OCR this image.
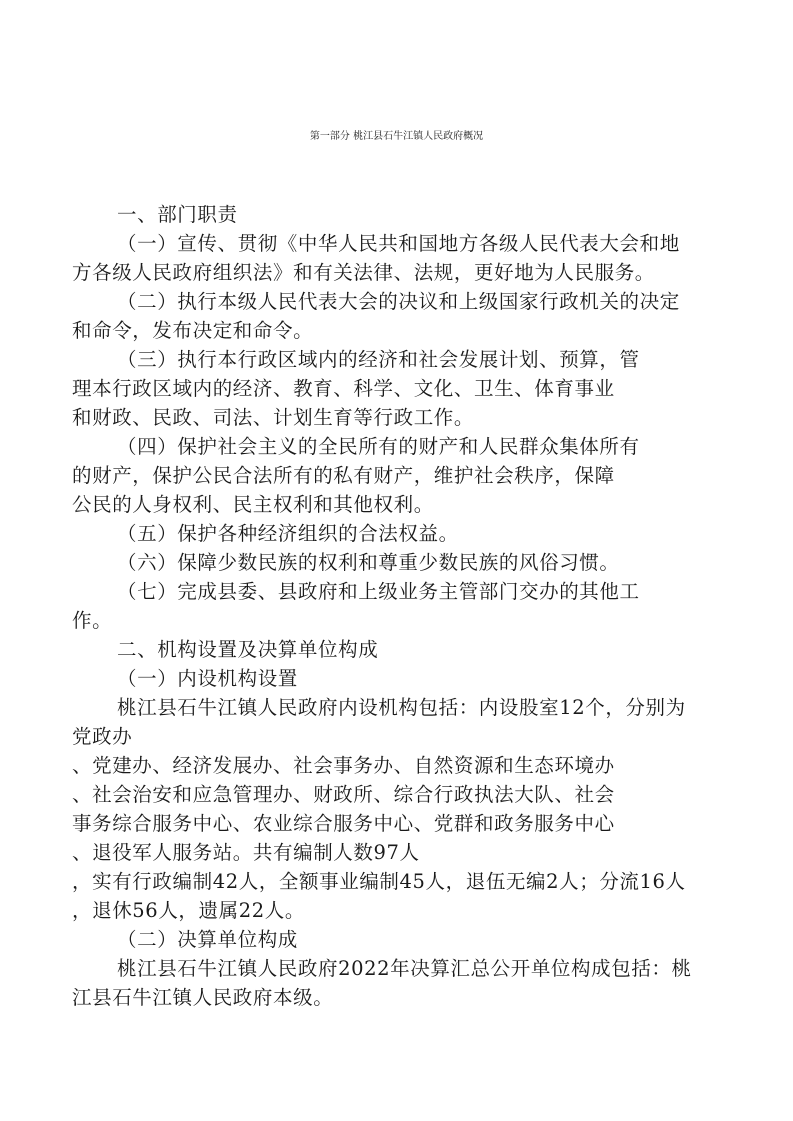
第一部分 桃江县石牛江镇人民政府概况
一、部门职责
（一）宣传、贯彻《中华人民共和国地方各级人民代表大会和地
方各级人民政府组织法》和有关法律、法规，更好地为人民服务。
（二）执行本级人民代表大会的决议和上级国家行政机关的决定
和命令，发布决定和命令。
（三）执行本行政区域内的经济和社会发展计划、预算，管
理本行政区域内的经济、教育、科学、文化、卫生、体育事业
和财政、民政、司法、计划生育等行政工作。
（四）保护社会主义的全民所有的财产和人民群众集体所有
的财产，保护公民合法所有的私有财产，维护社会秩序，保障
公民的人身权利、民主权利和其他权利。
（五）保护各种经济组织的合法权益。
（六）保障少数民族的权利和尊重少数民族的风俗习惯。
（七）完成县委、县政府和上级业务主管部门交办的其他工
作。
二、机构设置及决算单位构成
（一）内设机构设置
桃江县石牛江镇人民政府内设机构包括：内设股室12个，分别为
党政办
、党建办、经济发展办、社会事务办、自然资源和生态环境办
、社会治安和应急管理办、财政所、综合行政执法大队、社会
事务综合服务中心、农业综合服务中心、党群和政务服务中心
、退役军人服务站。共有编制人数97人
，实有行政编制42人，全额事业编制45人，退伍无编2人；分流16人
，退休56人，遗属22人。
（二）决算单位构成
桃江县石牛江镇人民政府2022年决算汇总公开单位构成包括：桃
江县石牛江镇人民政府本级。
